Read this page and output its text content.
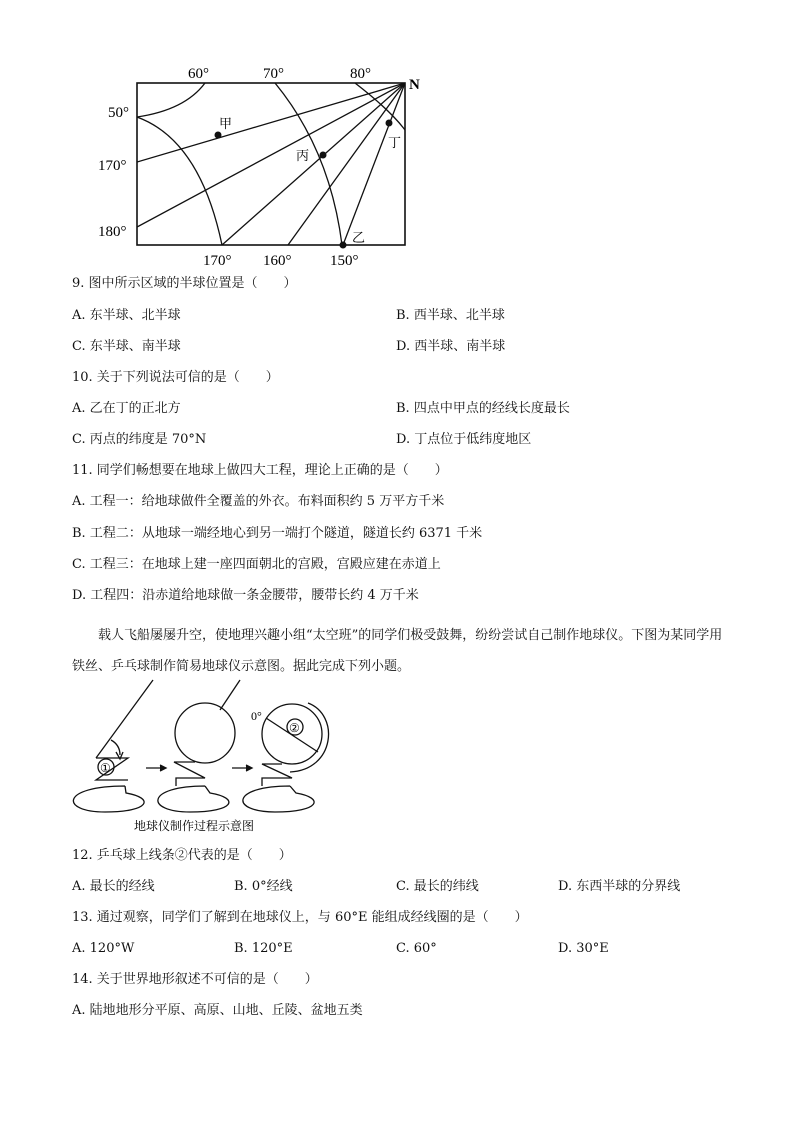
N
60°	70°	80°
50°
170°
180°
170° 160°	150°
甲
乙
丙
丁
9. 图中所示区域的半球位置是（　　）
A. 东半球、北半球	B. 西半球、北半球
C. 东半球、南半球	D. 西半球、南半球
10. 关于下列说法可信的是（　　）
A. 乙在丁的正北方	B. 四点中甲点的经线长度最长
C. 丙点的纬度是 70°N	D. 丁点位于低纬度地区
11. 同学们畅想要在地球上做四大工程，理论上正确的是（　　）
A. 工程一：给地球做件全覆盖的外衣。布料面积约 5 万平方千米
B. 工程二：从地球一端经地心到另一端打个隧道，隧道长约 6371 千米
C. 工程三：在地球上建一座四面朝北的宫殿，宫殿应建在赤道上
D. 工程四：沿赤道给地球做一条金腰带，腰带长约 4 万千米
载人飞船屡屡升空，使地理兴趣小组“太空班”的同学们极受鼓舞，纷纷尝试自己制作地球仪。下图为某同学用铁丝、乒乓球制作简易地球仪示意图。据此完成下列小题。
①
②
0°
地球仪制作过程示意图
12. 乒乓球上线条②代表的是（　　）
A. 最长的经线	B. 0°经线	C. 最长的纬线	D. 东西半球的分界线
13. 通过观察，同学们了解到在地球仪上，与 60°E 能组成经线圈的是（　　）
A. 120°W	B. 120°E	C. 60°	D. 30°E
14. 关于世界地形叙述不可信的是（　　）
A. 陆地地形分平原、高原、山地、丘陵、盆地五类
